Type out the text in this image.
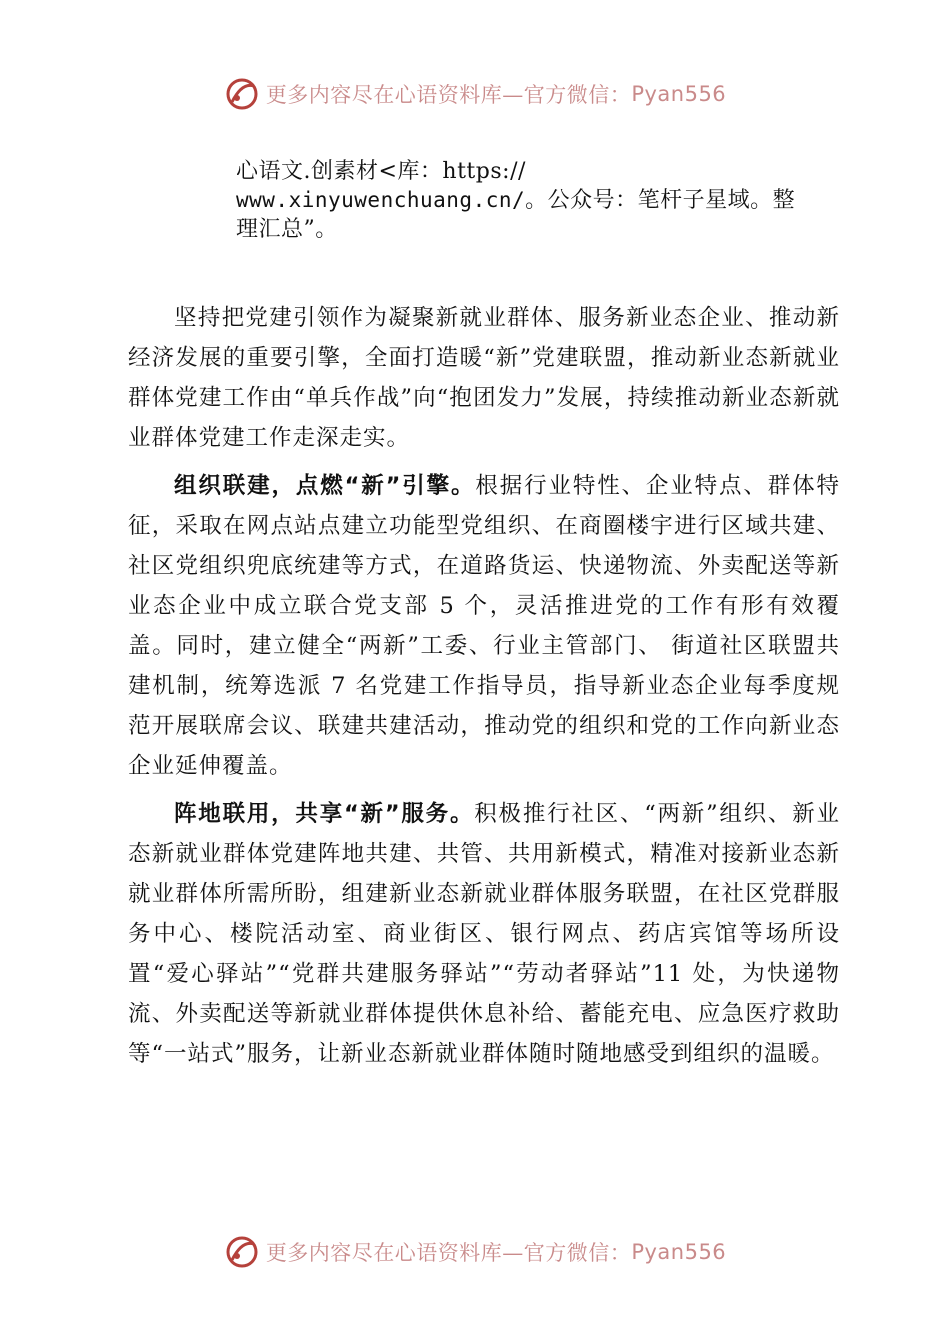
更多内容尽在心语资料库—官方微信： Pyan556
心语文.创素材<库：https://
www.xinyuwenchuang.cn/。公众号：笔杆子星域。整
理汇总”。

坚持把党建引领作为凝聚新就业群体、服务新业态企业、推动新经济发展的重要引擎，全面打造暖“新”党建联盟，推动新业态新就业群体党建工作由“单兵作战”向“抱团发力”发展，持续推动新业态新就业群体党建工作走深走实。

组织联建，点燃“新”引擎。根据行业特性、企业特点、群体特征，采取在网点站点建立功能型党组织、在商圈楼宇进行区域共建、社区党组织兜底统建等方式，在道路货运、快递物流、外卖配送等新业态企业中成立联合党支部 5 个，灵活推进党的工作有形有效覆盖。同时，建立健全“两新”工委、行业主管部门、 街道社区联盟共建机制，统筹选派 7 名党建工作指导员，指导新业态企业每季度规范开展联席会议、联建共建活动，推动党的组织和党的工作向新业态企业延伸覆盖。

阵地联用，共享“新”服务。积极推行社区、“两新”组织、新业态新就业群体党建阵地共建、共管、共用新模式，精准对接新业态新就业群体所需所盼，组建新业态新就业群体服务联盟，在社区党群服务中心、楼院活动室、商业街区、银行网点、药店宾馆等场所设置“爱心驿站”“党群共建服务驿站”“劳动者驿站”11 处，为快递物流、外卖配送等新就业群体提供休息补给、蓄能充电、应急医疗救助等“一站式”服务，让新业态新就业群体随时随地感受到组织的温暖。

更多内容尽在心语资料库—官方微信： Pyan556
